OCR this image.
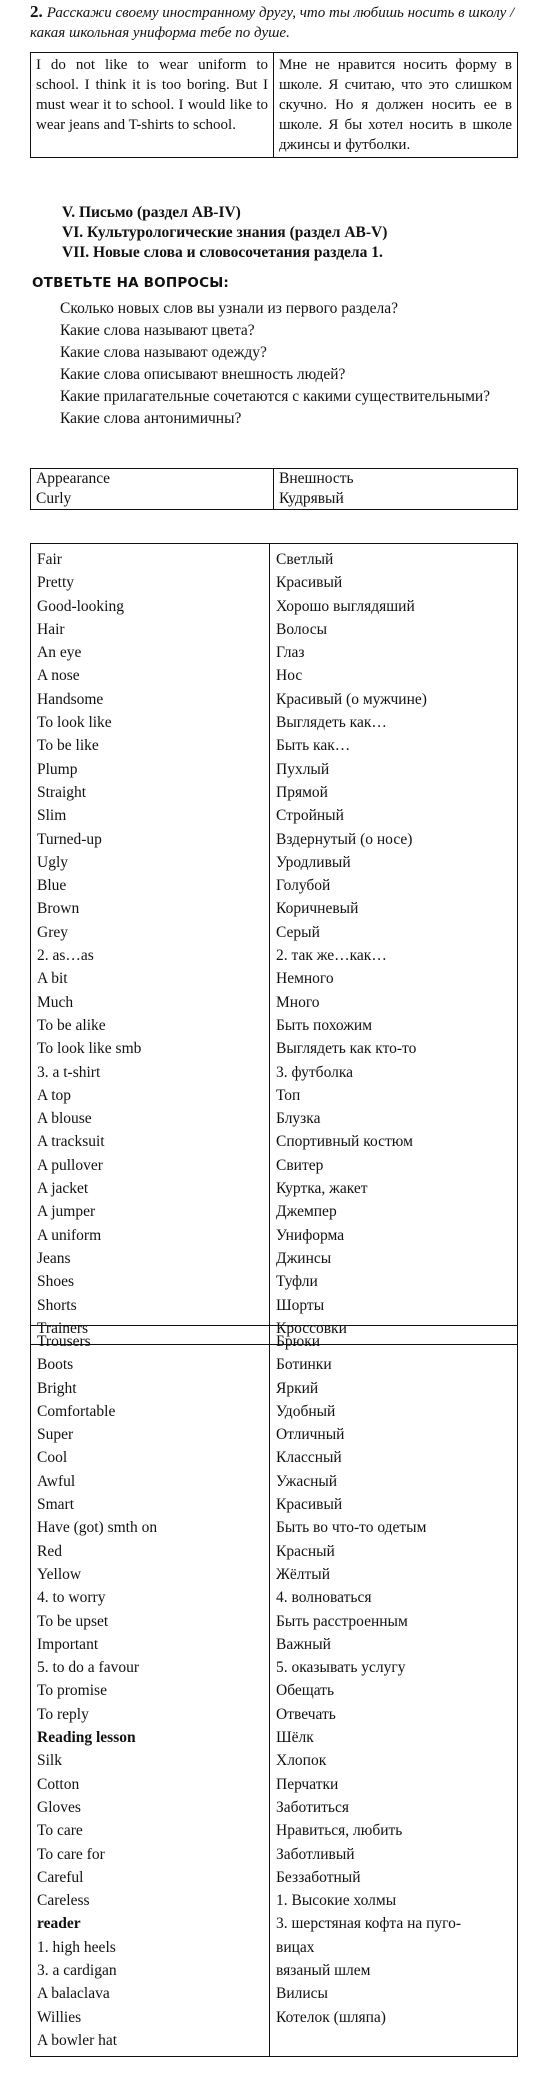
2. Расскажи своему иностранному другу, что ты любишь носить в школу / какая школьная униформа тебе по душе.
I do not like to wear uniform to school. I think it is too boring. But I must wear it to school. I would like to wear jeans and T-shirts to school.	Мне не нравится носить форму в школе. Я считаю, что это слишком скучно. Но я должен носить ее в школе. Я бы хотел носить в школе джинсы и футболки.
V. Письмо (раздел AB-IV)
VI. Культурологические знания (раздел AB-V)
VII. Новые слова и словосочетания раздела 1.
ОТВЕТЬТЕ НА ВОПРОСЫ:
Сколько новых слов вы узнали из первого раздела?
Какие слова называют цвета?
Какие слова называют одежду?
Какие слова описывают внешность людей?
Какие прилагательные сочетаются с какими существительными?
Какие слова антонимичны?
Appearance	Внешность
Curly	Кудрявый
Fair	Светлый
Pretty	Красивый
Good-looking	Хорошо выглядяший
Hair	Волосы
An eye	Глаз
A nose	Нос
Handsome	Красивый (о мужчине)
To look like	Выглядеть как…
To be like	Быть как…
Plump	Пухлый
Straight	Прямой
Slim	Стройный
Turned-up	Вздернутый (о носе)
Ugly	Уродливый
Blue	Голубой
Brown	Коричневый
Grey	Серый
2. as…as	2. так же…как…
A bit	Немного
Much	Много
To be alike	Быть похожим
To look like smb	Выглядеть как кто-то
3. a t-shirt	3. футболка
A top	Топ
A blouse	Блузка
A tracksuit	Спортивный костюм
A pullover	Свитер
A jacket	Куртка, жакет
A jumper	Джемпер
A uniform	Униформа
Jeans	Джинсы
Shoes	Туфли
Shorts	Шорты
Trainers	Кроссовки
Trousers	Брюки
Boots	Ботинки
Bright	Яркий
Comfortable	Удобный
Super	Отличный
Cool	Классный
Awful	Ужасный
Smart	Красивый
Have (got) smth on	Быть во что-то одетым
Red	Красный
Yellow	Жёлтый
4. to worry	4. волноваться
To be upset	Быть расстроенным
Important	Важный
5. to do a favour	5. оказывать услугу
To promise	Обещать
To reply	Отвечать
Reading lesson	Шёлк
Silk	Хлопок
Cotton	Перчатки
Gloves	Заботиться
To care	Нравиться, любить
To care for	Заботливый
Careful	Беззаботный
Careless	1. Высокие холмы
reader	3. шерстяная кофта на пуго-
1. high heels	вицах
3. a cardigan	вязаный шлем
A balaclava	Вилисы
Willies	Котелок (шляпа)
A bowler hat	
